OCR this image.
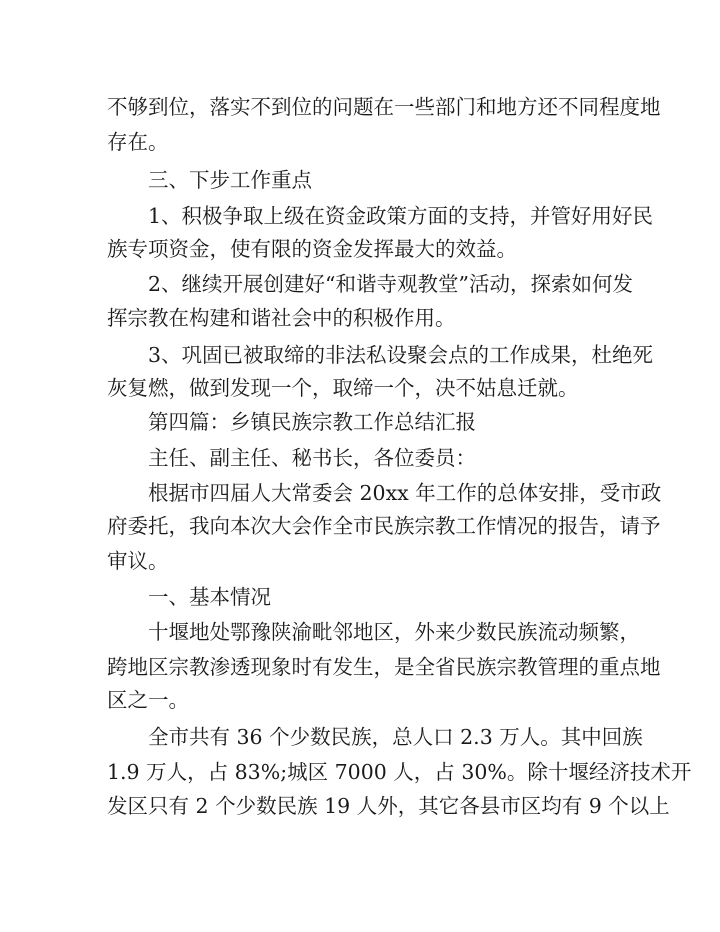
不够到位，落实不到位的问题在一些部门和地方还不同程度地
存在。
三、下步工作重点
1、积极争取上级在资金政策方面的支持，并管好用好民
族专项资金，使有限的资金发挥最大的效益。
2、继续开展创建好“和谐寺观教堂”活动，探索如何发
挥宗教在构建和谐社会中的积极作用。
3、巩固已被取缔的非法私设聚会点的工作成果，杜绝死
灰复燃，做到发现一个，取缔一个，决不姑息迁就。
第四篇：乡镇民族宗教工作总结汇报
主任、副主任、秘书长，各位委员：
根据市四届人大常委会 20xx 年工作的总体安排，受市政
府委托，我向本次大会作全市民族宗教工作情况的报告，请予
审议。
一、基本情况
十堰地处鄂豫陕渝毗邻地区，外来少数民族流动频繁，
跨地区宗教渗透现象时有发生，是全省民族宗教管理的重点地
区之一。
全市共有 36 个少数民族，总人口 2.3 万人。其中回族
1.9 万人，占 83%;城区 7000 人，占 30%。除十堰经济技术开
发区只有 2 个少数民族 19 人外，其它各县市区均有 9 个以上
